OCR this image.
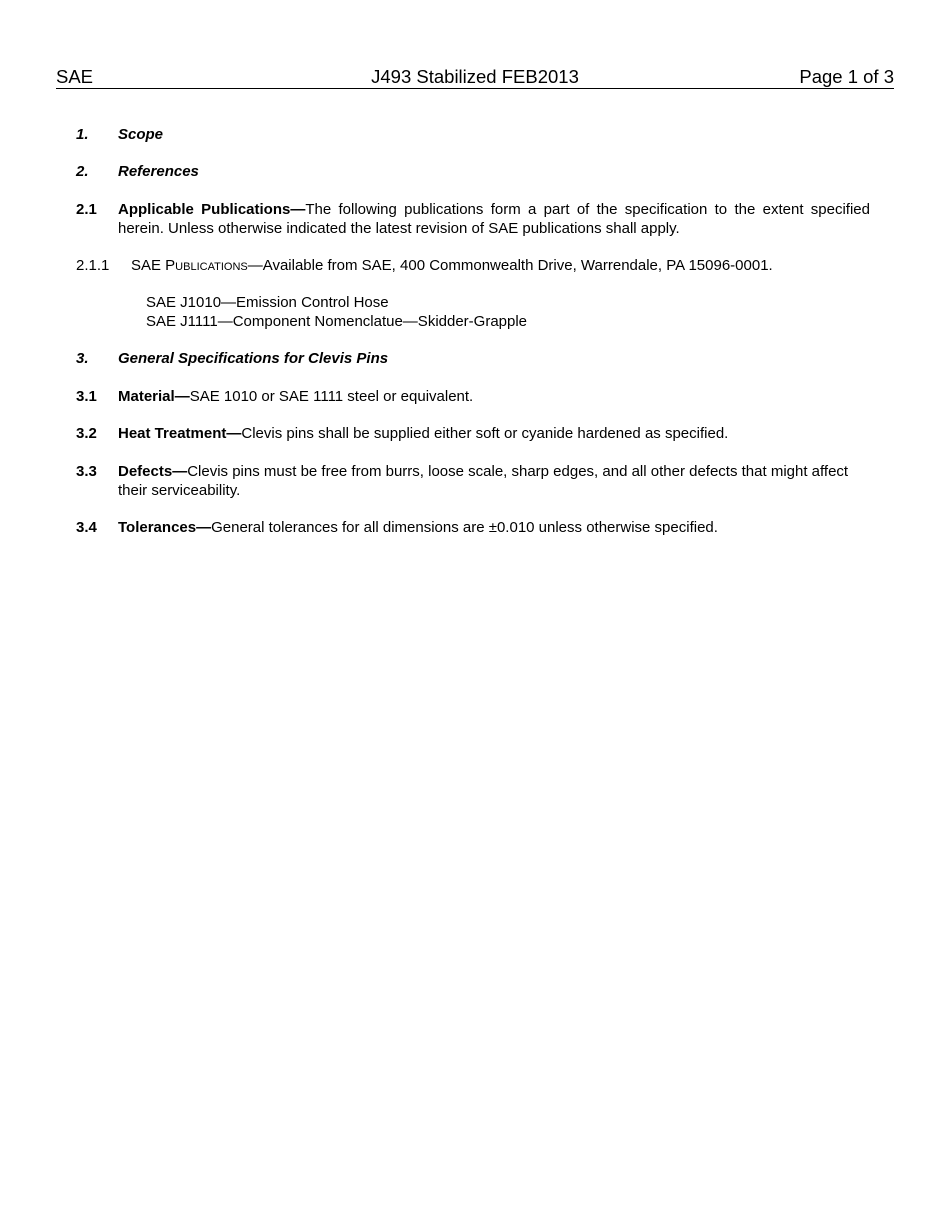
SAE	J493 Stabilized FEB2013	Page 1 of 3
1. Scope
2. References
2.1 Applicable Publications—The following publications form a part of the specification to the extent specified herein. Unless otherwise indicated the latest revision of SAE publications shall apply.
2.1.1 SAE Publications—Available from SAE, 400 Commonwealth Drive, Warrendale, PA 15096-0001.
SAE J1010—Emission Control Hose
SAE J1111—Component Nomenclatue—Skidder-Grapple
3. General Specifications for Clevis Pins
3.1 Material—SAE 1010 or SAE 1111 steel or equivalent.
3.2 Heat Treatment—Clevis pins shall be supplied either soft or cyanide hardened as specified.
3.3 Defects—Clevis pins must be free from burrs, loose scale, sharp edges, and all other defects that might affect their serviceability.
3.4 Tolerances—General tolerances for all dimensions are ±0.010 unless otherwise specified.
